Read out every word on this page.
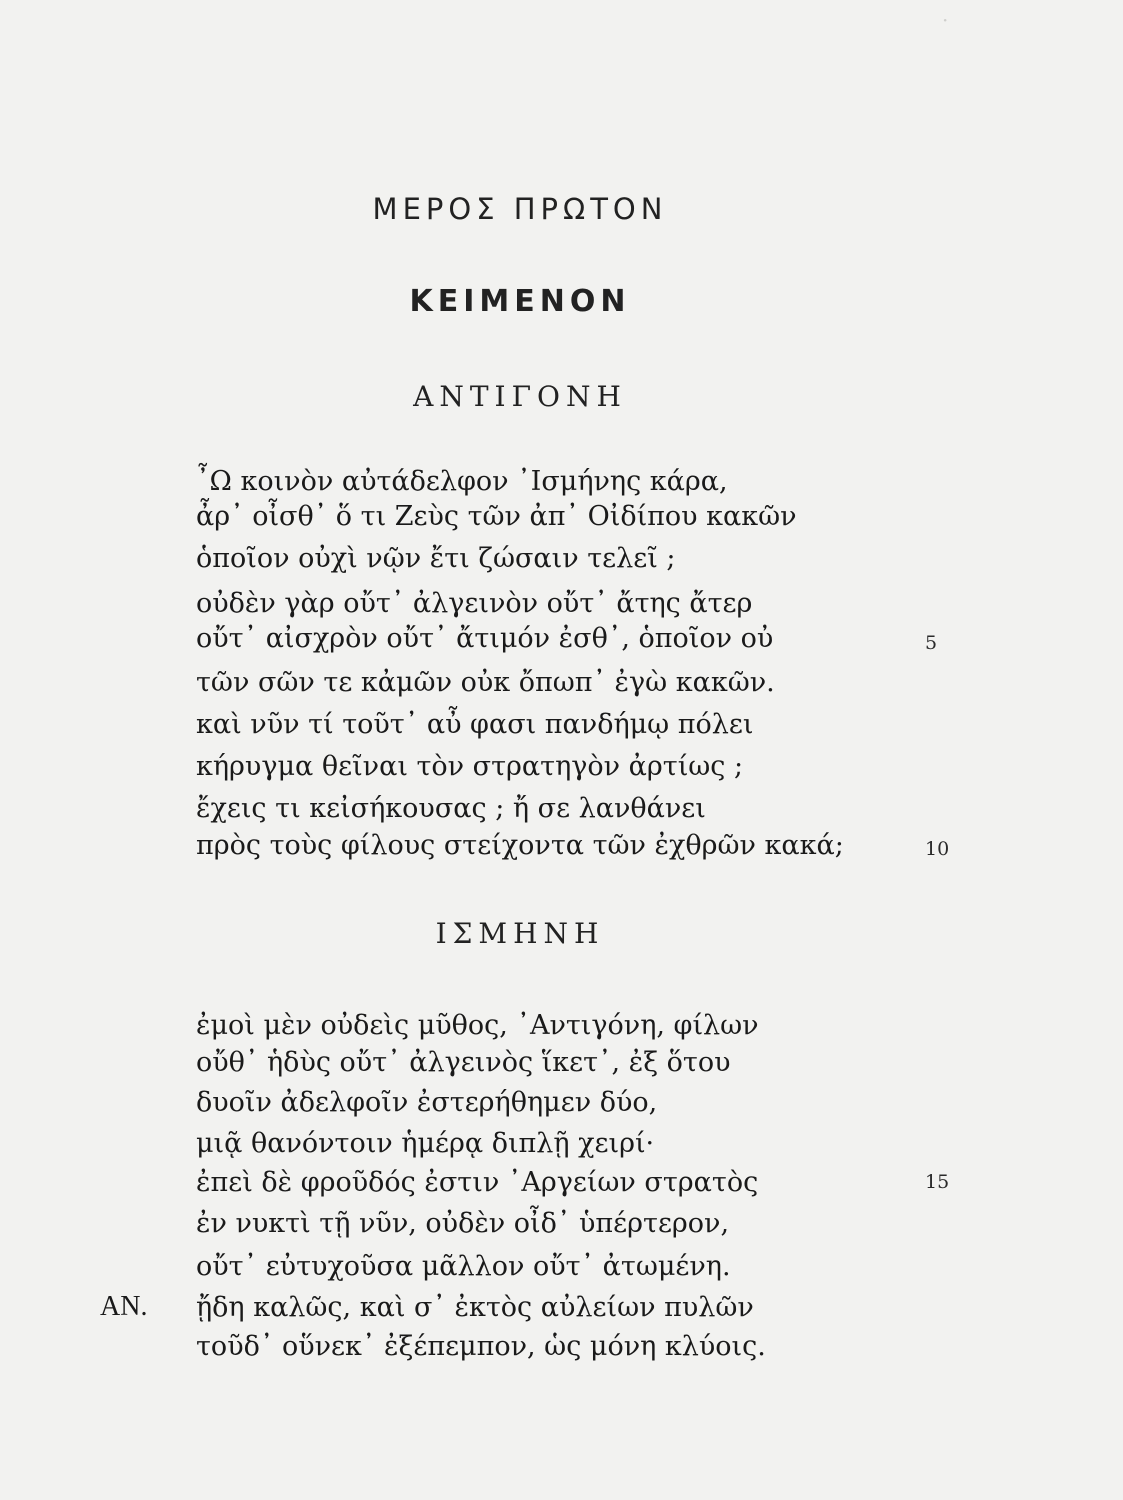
·
ΜΕΡΟΣ ΠΡΩΤΟΝ
ΚΕΙΜΕΝΟΝ
ΑΝΤΙΓΟΝΗ
῏Ω κοινὸν αὐτάδελφον ᾿Ισμήνης κάρα,
ἆρ᾿ οἶσθ᾿ ὅ τι Ζεὺς τῶν ἀπ᾿ Οἰδίπου κακῶν
ὁποῖον οὐχὶ νῷν ἔτι ζώσαιν τελεῖ ;
οὐδὲν γὰρ οὔτ᾿ ἀλγεινὸν οὔτ᾿ ἄτης ἄτερ
οὔτ᾿ αἰσχρὸν οὔτ᾿ ἄτιμόν ἐσθ᾿, ὁποῖον οὐ	5
τῶν σῶν τε κἀμῶν οὐκ ὄπωπ᾿ ἐγὼ κακῶν.
καὶ νῦν τί τοῦτ᾿ αὖ φασι πανδήμῳ πόλει
κήρυγμα θεῖναι τὸν στρατηγὸν ἀρτίως ;
ἔχεις τι κεἰσήκουσας ; ἤ σε λανθάνει
πρὸς τοὺς φίλους στείχοντα τῶν ἐχθρῶν κακά;	10
ΙΣΜΗΝΗ
ἐμοὶ μὲν οὐδεὶς μῦθος, ᾿Αντιγόνη, φίλων
οὔθ᾿ ἡδὺς οὔτ᾿ ἀλγεινὸς ἵκετ᾿, ἐξ ὅτου
δυοῖν ἀδελφοῖν ἐστερήθημεν δύο,
μιᾷ θανόντοιν ἡμέρᾳ διπλῇ χειρί·
ἐπεὶ δὲ φροῦδός ἐστιν ᾿Αργείων στρατὸς	15
ἐν νυκτὶ τῇ νῦν, οὐδὲν οἶδ᾿ ὑπέρτερον,
οὔτ᾿ εὐτυχοῦσα μᾶλλον οὔτ᾿ ἀτωμένη.
ΑΝ. ᾔδη καλῶς, καὶ σ᾿ ἐκτὸς αὐλείων πυλῶν
τοῦδ᾿ οὕνεκ᾿ ἐξέπεμπον, ὡς μόνη κλύοις.
